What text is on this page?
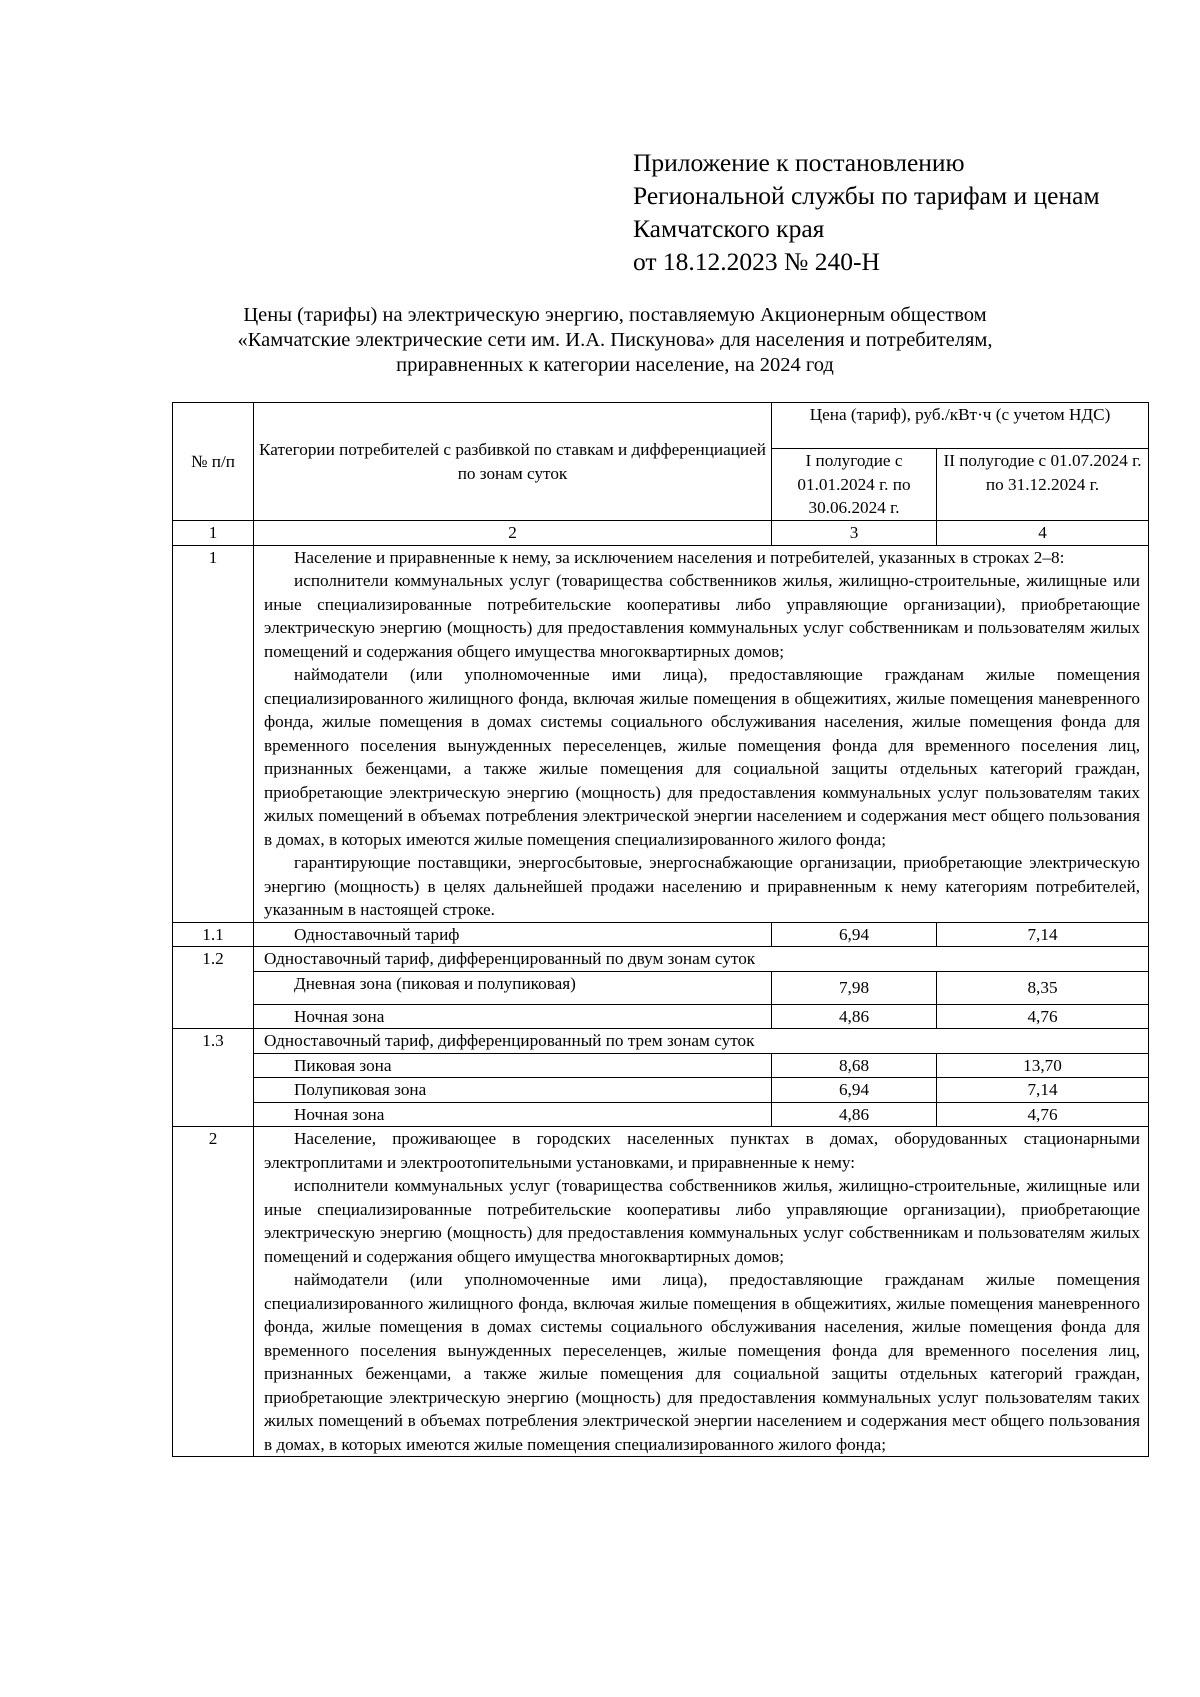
Приложение к постановлению
Региональной службы по тарифам и ценам
Камчатского края
от 18.12.2023 № 240-Н
Цены (тарифы) на электрическую энергию, поставляемую Акционерным обществом
«Камчатские электрические сети им. И.А. Пискунова» для населения и потребителям,
приравненных к категории население, на 2024 год
№ п/п	Категории потребителей с разбивкой по ставкам и дифференциацией по зонам суток	Цена (тариф), руб./кВт·ч (с учетом НДС)	
		I полугодие с 01.01.2024 г. по 30.06.2024 г.	II полугодие с 01.07.2024 г. по 31.12.2024 г.
1	2	3	4
1	Население и приравненные к нему, за исключением населения и потребителей, указанных в строках 2–8:

исполнители коммунальных услуг (товарищества собственников жилья, жилищно-строительные, жилищные или иные специализированные потребительские кооперативы либо управляющие организации), приобретающие электрическую энергию (мощность) для предоставления коммунальных услуг собственникам и пользователям жилых помещений и содержания общего имущества многоквартирных домов;

наймодатели (или уполномоченные ими лица), предоставляющие гражданам жилые помещения специализированного жилищного фонда, включая жилые помещения в общежитиях, жилые помещения маневренного фонда, жилые помещения в домах системы социального обслуживания населения, жилые помещения фонда для временного поселения вынужденных переселенцев, жилые помещения фонда для временного поселения лиц, признанных беженцами, а также жилые помещения для социальной защиты отдельных категорий граждан, приобретающие электрическую энергию (мощность) для предоставления коммунальных услуг пользователям таких жилых помещений в объемах потребления электрической энергии населением и содержания мест общего пользования в домах, в которых имеются жилые помещения специализированного жилого фонда;

гарантирующие поставщики, энергосбытовые, энергоснабжающие организации, приобретающие электрическую энергию (мощность) в целях дальнейшей продажи населению и приравненным к нему категориям потребителей, указанным в настоящей строке.		

1.1	Одноставочный тариф	6,94	7,14
1.2	Одноставочный тариф, дифференцированный по двум зонам суток		
	Дневная зона (пиковая и полупиковая)	7,98	8,35
	Ночная зона	4,86	4,76
1.3	Одноставочный тариф, дифференцированный по трем зонам суток		
	Пиковая зона	8,68	13,70
	Полупиковая зона	6,94	7,14
	Ночная зона	4,86	4,76
2	Население, проживающее в городских населенных пунктах в домах, оборудованных стационарными электроплитами и электроотопительными установками, и приравненные к нему:

исполнители коммунальных услуг (товарищества собственников жилья, жилищно-строительные, жилищные или иные специализированные потребительские кооперативы либо управляющие организации), приобретающие электрическую энергию (мощность) для предоставления коммунальных услуг собственникам и пользователям жилых помещений и содержания общего имущества многоквартирных домов;

наймодатели (или уполномоченные ими лица), предоставляющие гражданам жилые помещения специализированного жилищного фонда, включая жилые помещения в общежитиях, жилые помещения маневренного фонда, жилые помещения в домах системы социального обслуживания населения, жилые помещения фонда для временного поселения вынужденных переселенцев, жилые помещения фонда для временного поселения лиц, признанных беженцами, а также жилые помещения для социальной защиты отдельных категорий граждан, приобретающие электрическую энергию (мощность) для предоставления коммунальных услуг пользователям таких жилых помещений в объемах потребления электрической энергии населением и содержания мест общего пользования в домах, в которых имеются жилые помещения специализированного жилого фонда;		
